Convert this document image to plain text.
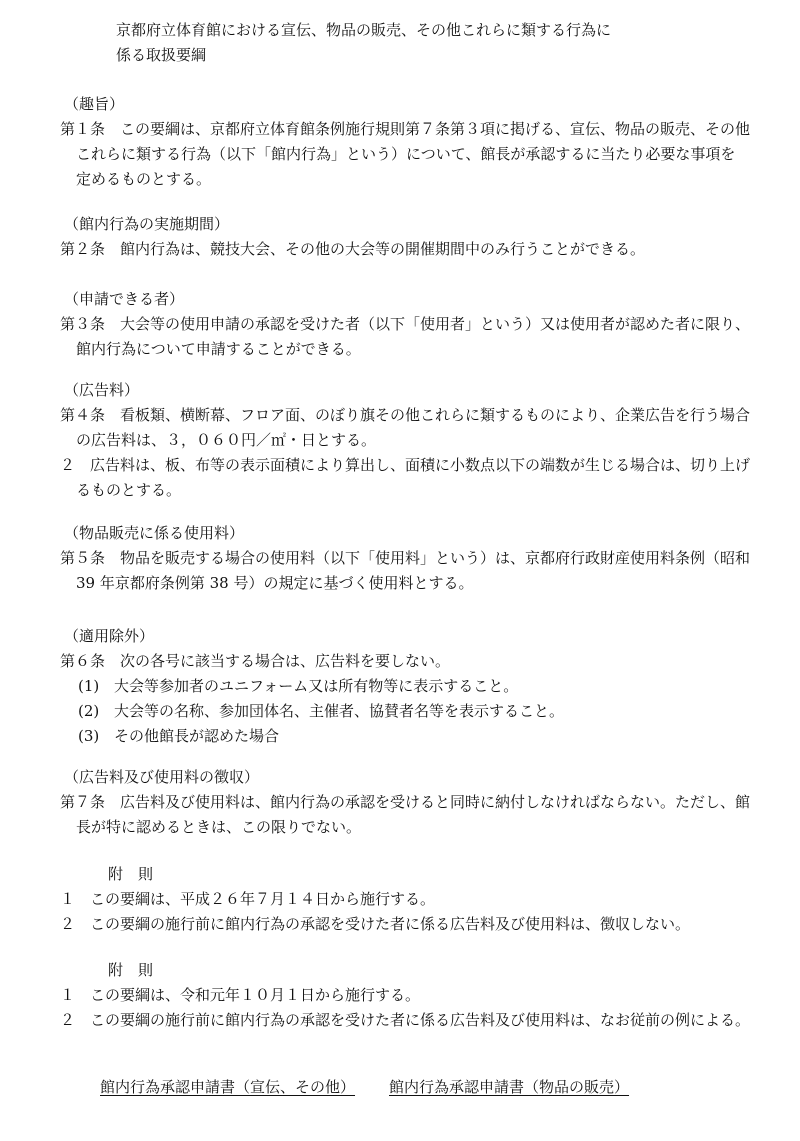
京都府立体育館における宣伝、物品の販売、その他これらに類する行為に
係る取扱要綱

（趣旨）

第１条　この要綱は、京都府立体育館条例施行規則第７条第３項に掲げる、宣伝、物品の販売、その他これらに類する行為（以下「館内行為」という）について、館長が承認するに当たり必要な事項を定めるものとする。

（館内行為の実施期間）

第２条　館内行為は、競技大会、その他の大会等の開催期間中のみ行うことができる。

（申請できる者）

第３条　大会等の使用申請の承認を受けた者（以下「使用者」という）又は使用者が認めた者に限り、館内行為について申請することができる。

（広告料）

第４条　看板類、横断幕、フロア面、のぼり旗その他これらに類するものにより、企業広告を行う場合の広告料は、３，０６０円／㎡・日とする。

２　広告料は、板、布等の表示面積により算出し、面積に小数点以下の端数が生じる場合は、切り上げるものとする。

（物品販売に係る使用料）

第５条　物品を販売する場合の使用料（以下「使用料」という）は、京都府行政財産使用料条例（昭和 39 年京都府条例第 38 号）の規定に基づく使用料とする。

（適用除外）

第６条　次の各号に該当する場合は、広告料を要しない。

(1) 大会等参加者のユニフォーム又は所有物等に表示すること。

(2) 大会等の名称、参加団体名、主催者、協賛者名等を表示すること。

(3) その他館長が認めた場合

（広告料及び使用料の徴収）

第７条　広告料及び使用料は、館内行為の承認を受けると同時に納付しなければならない。ただし、館長が特に認めるときは、この限りでない。

附　則

１　この要綱は、平成２６年７月１４日から施行する。

２　この要綱の施行前に館内行為の承認を受けた者に係る広告料及び使用料は、徴収しない。

附　則

１　この要綱は、令和元年１０月１日から施行する。

２　この要綱の施行前に館内行為の承認を受けた者に係る広告料及び使用料は、なお従前の例による。

館内行為承認申請書（宣伝、その他） 館内行為承認申請書（物品の販売）
